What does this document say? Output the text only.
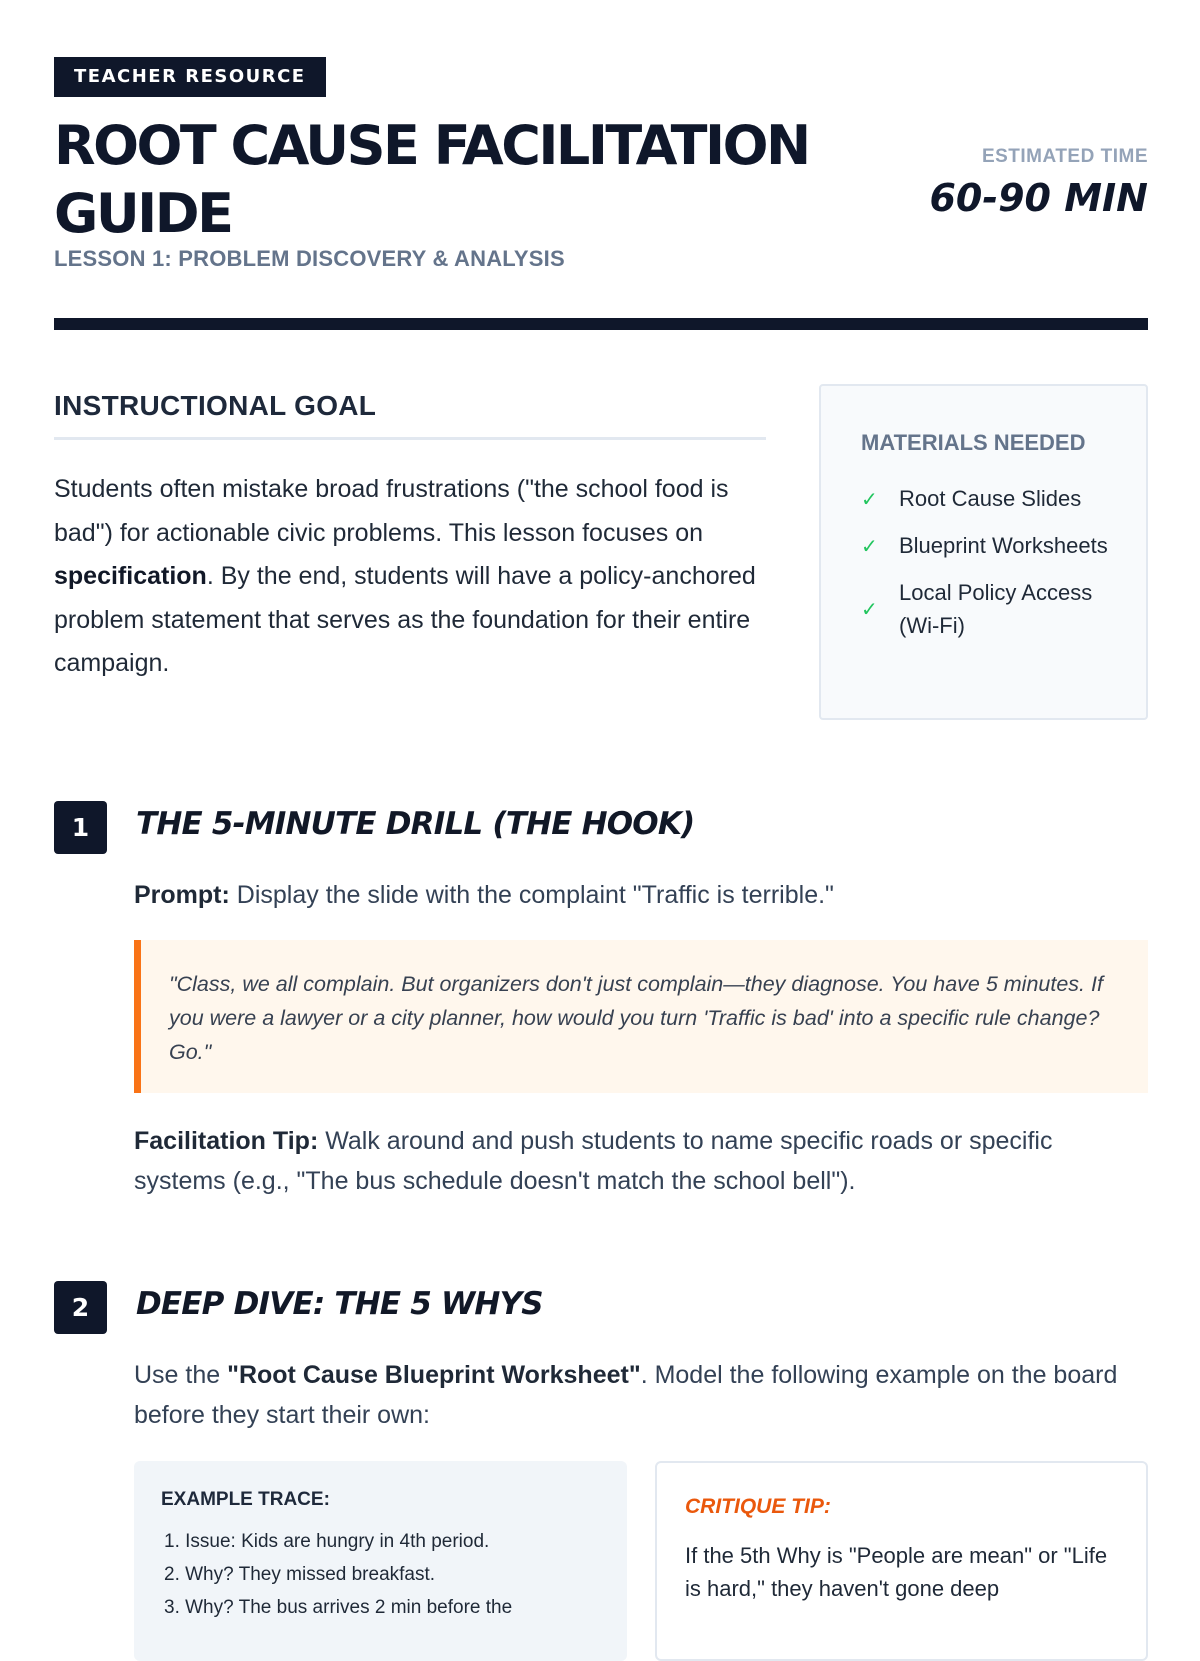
TEACHER RESOURCE
ROOT CAUSE FACILITATION GUIDE
LESSON 1: PROBLEM DISCOVERY & ANALYSIS
ESTIMATED TIME
60-90 MIN
INSTRUCTIONAL GOAL

Students often mistake broad frustrations ("the school food is bad") for actionable civic problems. This lesson focuses on specification. By the end, students will have a policy-anchored problem statement that serves as the foundation for their entire campaign.

MATERIALS NEEDED
✓ Root Cause Slides
✓ Blueprint Worksheets
✓
Local Policy Access (Wi-Fi)
1	THE 5-MINUTE DRILL (THE HOOK)

Prompt: Display the slide with the complaint "Traffic is terrible."

"Class, we all complain. But organizers don't just complain—they diagnose. You have 5 minutes. If you were a lawyer or a city planner, how would you turn 'Traffic is bad' into a specific rule change? Go."

Facilitation Tip: Walk around and push students to name specific roads or specific systems (e.g., "The bus schedule doesn't match the school bell").

2	DEEP DIVE: THE 5 WHYS

Use the "Root Cause Blueprint Worksheet". Model the following example on the board before they start their own:

EXAMPLE TRACE:
1. Issue: Kids are hungry in 4th period.
2. Why? They missed breakfast.
3. Why? The bus arrives 2 min before the
CRITIQUE TIP:

If the 5th Why is "People are mean" or "Life is hard," they haven't gone deep
